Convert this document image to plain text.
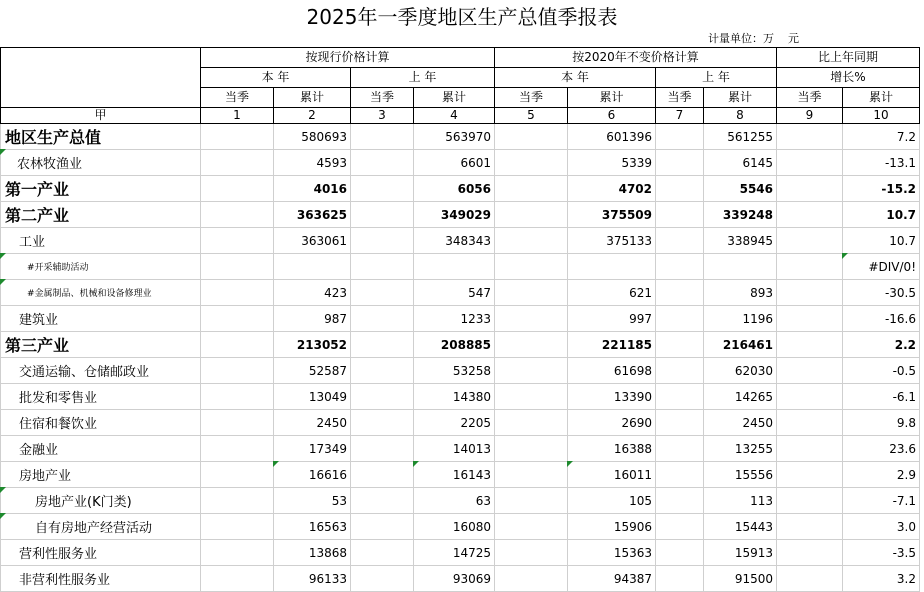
2025年一季度地区生产总值季报表
计量单位：万    元
	按现行价格计算				按2020年不变价格计算				比上年同期	
	本 年		上 年		本 年		上 年		增长%	
	当季	累计	当季	累计	当季	累计	当季	累计	当季	累计
甲	1	2	3	4	5	6	7	8	9	10
地区生产总值		580693		563970		601396		561255		7.2
农林牧渔业		4593		6601		5339		6145		-13.1
第一产业		4016		6056		4702		5546		-15.2
第二产业		363625		349029		375509		339248		10.7
工业		363061		348343		375133		338945		10.7
#开采辅助活动										#DIV/0!
#金属制品、机械和设备修理业		423		547		621		893		-30.5
建筑业		987		1233		997		1196		-16.6
第三产业		213052		208885		221185		216461		2.2
交通运输、仓储邮政业		52587		53258		61698		62030		-0.5
批发和零售业		13049		14380		13390		14265		-6.1
住宿和餐饮业		2450		2205		2690		2450		9.8
金融业		17349		14013		16388		13255		23.6
房地产业		16616		16143		16011		15556		2.9
房地产业(K门类)		53		63		105		113		-7.1
自有房地产经营活动		16563		16080		15906		15443		3.0
营利性服务业		13868		14725		15363		15913		-3.5
非营利性服务业		96133		93069		94387		91500		3.2
